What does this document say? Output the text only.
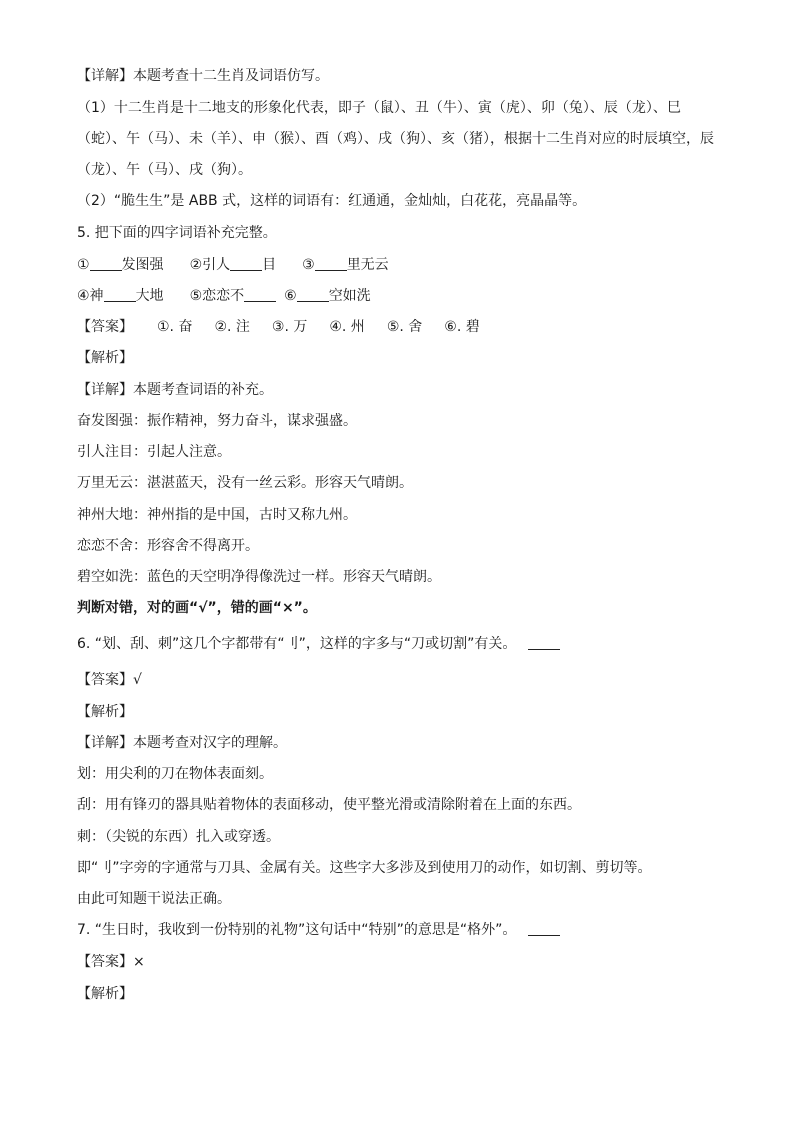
【详解】本题考查十二生肖及词语仿写。
（1）十二生肖是十二地支的形象化代表，即子（鼠）、丑（牛）、寅（虎）、卯（兔）、辰（龙）、巳
（蛇）、午（马）、未（羊）、申（猴）、酉（鸡）、戌（狗）、亥（猪），根据十二生肖对应的时辰填空，辰
（龙）、午（马）、戌（狗）。
（2）“脆生生”是 ABB 式，这样的词语有：红通通，金灿灿，白花花，亮晶晶等。
5. 把下面的四字词语补充完整。
① 发图强 ②引人 目 ③ 里无云
④神 大地 ⑤恋恋不	⑥ 空如洗
【答案】 ①. 奋 ②. 注 ③. 万 ④. 州 ⑤. 舍 ⑥. 碧
【解析】
【详解】本题考查词语的补充。
奋发图强：振作精神，努力奋斗，谋求强盛。
引人注目：引起人注意。
万里无云：湛湛蓝天，没有一丝云彩。形容天气晴朗。
神州大地：神州指的是中国，古时又称九州。
恋恋不舍：形容舍不得离开。
碧空如洗：蓝色的天空明净得像洗过一样。形容天气晴朗。
判断对错，对的画“√”，错的画“×”。
6. “划、刮、刺”这几个字都带有“刂”，这样的字多与“刀或切割”有关。
【答案】√
【解析】
【详解】本题考查对汉字的理解。
划：用尖利的刀在物体表面刻。
刮：用有锋刃的器具贴着物体的表面移动，使平整光滑或清除附着在上面的东西。
刺：（尖锐的东西）扎入或穿透。
即“刂”字旁的字通常与刀具、金属有关。这些字大多涉及到使用刀的动作，如切割、剪切等。
由此可知题干说法正确。
7. “生日时，我收到一份特别的礼物”这句话中“特别”的意思是“格外”。
【答案】×
【解析】
